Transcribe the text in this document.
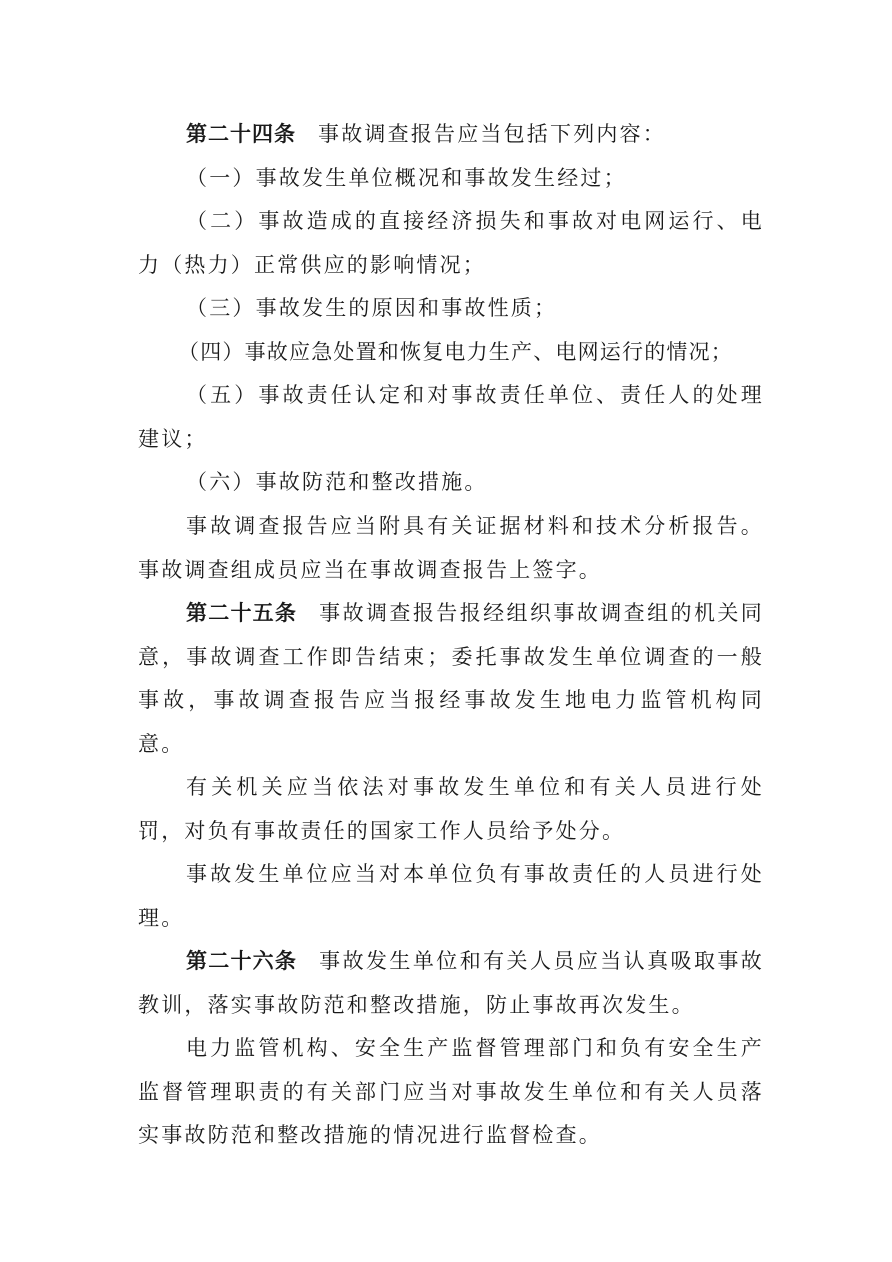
第二十四条 事故调查报告应当包括下列内容：

（一）事故发生单位概况和事故发生经过；

（二）事故造成的直接经济损失和事故对电网运行、电力（热力）正常供应的影响情况；

（三）事故发生的原因和事故性质；

（四）事故应急处置和恢复电力生产、电网运行的情况；

（五）事故责任认定和对事故责任单位、责任人的处理建议；

（六）事故防范和整改措施。

事故调查报告应当附具有关证据材料和技术分析报告。事故调查组成员应当在事故调查报告上签字。

第二十五条 事故调查报告报经组织事故调查组的机关同意，事故调查工作即告结束；委托事故发生单位调查的一般事故，事故调查报告应当报经事故发生地电力监管机构同意。

有关机关应当依法对事故发生单位和有关人员进行处罚，对负有事故责任的国家工作人员给予处分。

事故发生单位应当对本单位负有事故责任的人员进行处理。

第二十六条 事故发生单位和有关人员应当认真吸取事故教训，落实事故防范和整改措施，防止事故再次发生。

电力监管机构、安全生产监督管理部门和负有安全生产监督管理职责的有关部门应当对事故发生单位和有关人员落实事故防范和整改措施的情况进行监督检查。
